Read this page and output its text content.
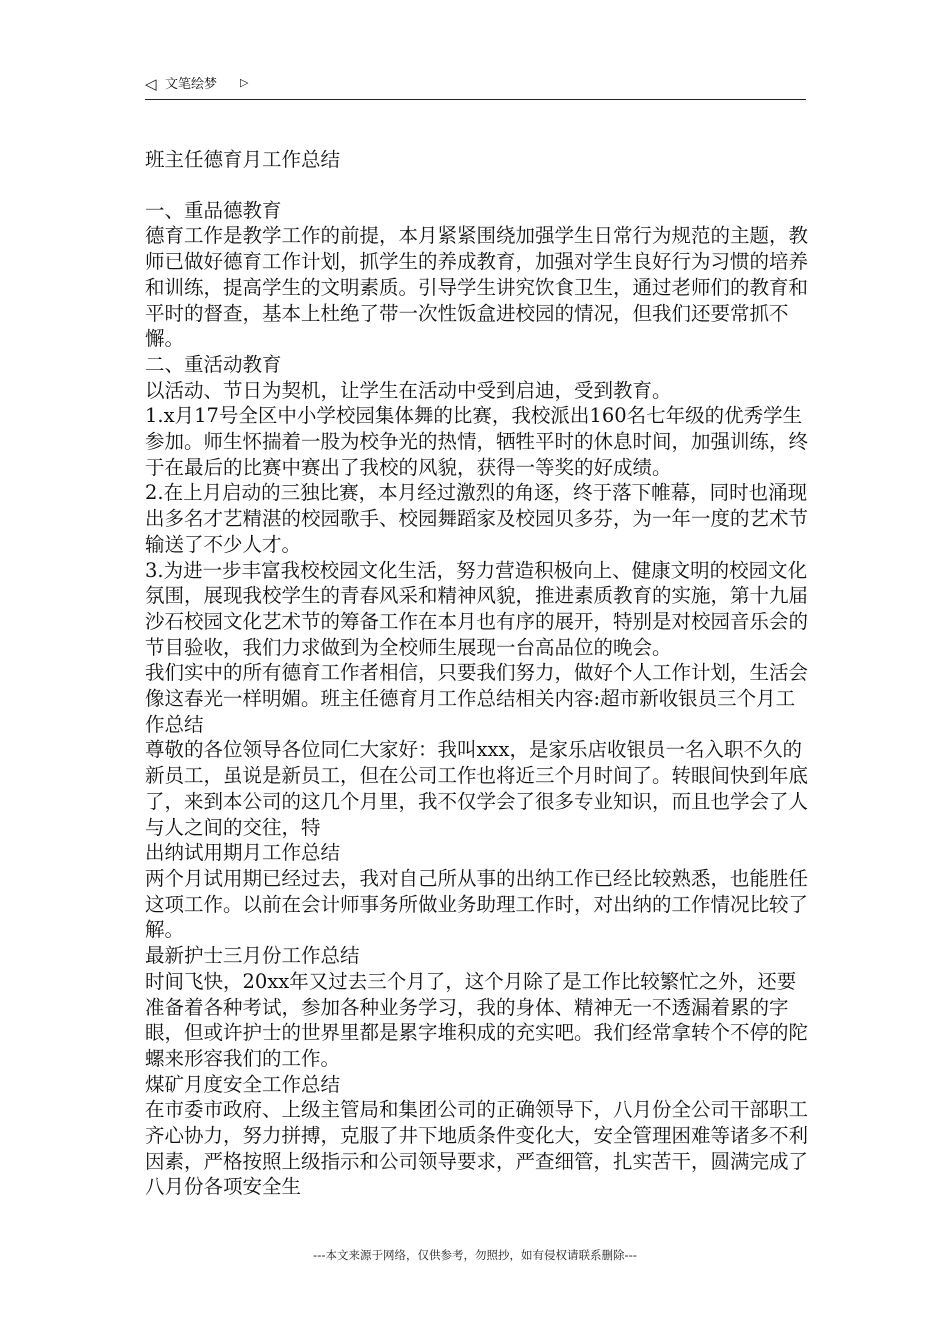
◁ 文笔绘梦 ▷
班主任德育月工作总结

一、重品德教育

德育工作是教学工作的前提，本月紧紧围绕加强学生日常行为规范的主题，教师已做好德育工作计划，抓学生的养成教育，加强对学生良好行为习惯的培养和训练，提高学生的文明素质。引导学生讲究饮食卫生，通过老师们的教育和平时的督查，基本上杜绝了带一次性饭盒进校园的情况，但我们还要常抓不懈。

二、重活动教育

以活动、节日为契机，让学生在活动中受到启迪，受到教育。

1.x月17号全区中小学校园集体舞的比赛，我校派出160名七年级的优秀学生参加。师生怀揣着一股为校争光的热情，牺牲平时的休息时间，加强训练，终于在最后的比赛中赛出了我校的风貌，获得一等奖的好成绩。

2.在上月启动的三独比赛，本月经过激烈的角逐，终于落下帷幕，同时也涌现出多名才艺精湛的校园歌手、校园舞蹈家及校园贝多芬，为一年一度的艺术节输送了不少人才。

3.为进一步丰富我校校园文化生活，努力营造积极向上、健康文明的校园文化氛围，展现我校学生的青春风采和精神风貌，推进素质教育的实施，第十九届沙石校园文化艺术节的筹备工作在本月也有序的展开，特别是对校园音乐会的节目验收，我们力求做到为全校师生展现一台高品位的晚会。

我们实中的所有德育工作者相信，只要我们努力，做好个人工作计划，生活会像这春光一样明媚。班主任德育月工作总结相关内容:超市新收银员三个月工作总结

尊敬的各位领导各位同仁大家好：我叫xxx，是家乐店收银员一名入职不久的新员工，虽说是新员工，但在公司工作也将近三个月时间了。转眼间快到年底了，来到本公司的这几个月里，我不仅学会了很多专业知识，而且也学会了人与人之间的交往，特

出纳试用期月工作总结

两个月试用期已经过去，我对自己所从事的出纳工作已经比较熟悉，也能胜任这项工作。以前在会计师事务所做业务助理工作时，对出纳的工作情况比较了解。

最新护士三月份工作总结

时间飞快，20xx年又过去三个月了，这个月除了是工作比较繁忙之外，还要准备着各种考试，参加各种业务学习，我的身体、精神无一不透漏着累的字眼，但或许护士的世界里都是累字堆积成的充实吧。我们经常拿转个不停的陀螺来形容我们的工作。

煤矿月度安全工作总结

在市委市政府、上级主管局和集团公司的正确领导下，八月份全公司干部职工齐心协力，努力拼搏，克服了井下地质条件变化大，安全管理困难等诸多不利因素，严格按照上级指示和公司领导要求，严查细管，扎实苦干，圆满完成了八月份各项安全生

---本文来源于网络，仅供参考，勿照抄，如有侵权请联系删除---
